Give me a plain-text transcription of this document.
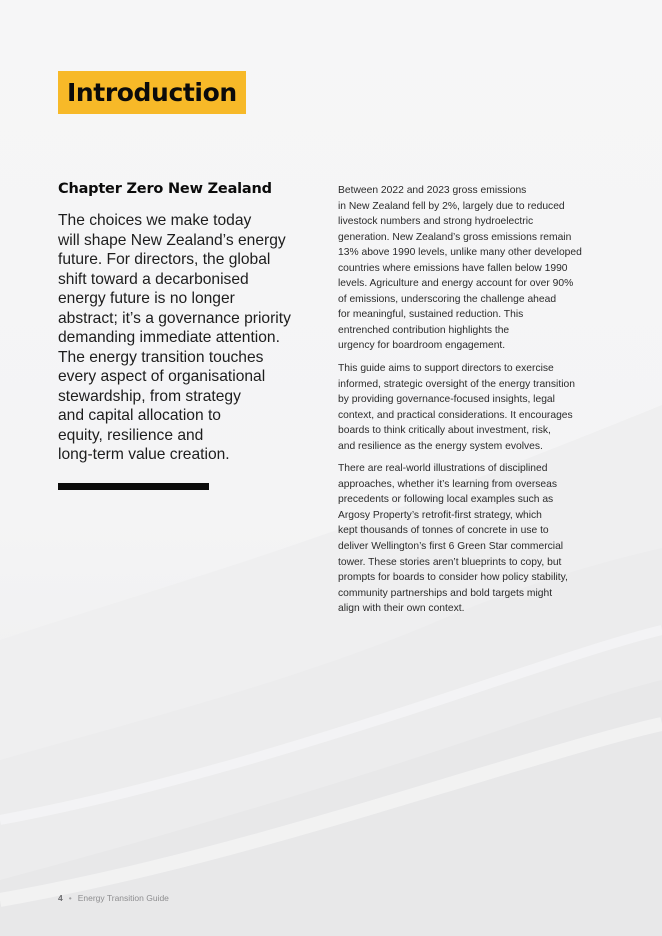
Introduction
Chapter Zero New Zealand

The choices we make today
will shape New Zealand’s energy
future. For directors, the global
shift toward a decarbonised
energy future is no longer
abstract; it’s a governance priority
demanding immediate attention.
The energy transition touches
every aspect of organisational
stewardship, from strategy
and capital allocation to
equity, resilience and
long-term value creation.

Between 2022 and 2023 gross emissions
in New Zealand fell by 2%, largely due to reduced
livestock numbers and strong hydroelectric
generation. New Zealand’s gross emissions remain
13% above 1990 levels, unlike many other developed
countries where emissions have fallen below 1990
levels. Agriculture and energy account for over 90%
of emissions, underscoring the challenge ahead
for meaningful, sustained reduction. This
entrenched contribution highlights the
urgency for boardroom engagement.

This guide aims to support directors to exercise
informed, strategic oversight of the energy transition
by providing governance-focused insights, legal
context, and practical considerations. It encourages
boards to think critically about investment, risk,
and resilience as the energy system evolves.

There are real-world illustrations of disciplined
approaches, whether it’s learning from overseas
precedents or following local examples such as
Argosy Property’s retrofit-first strategy, which
kept thousands of tonnes of concrete in use to
deliver Wellington’s first 6 Green Star commercial
tower. These stories aren’t blueprints to copy, but
prompts for boards to consider how policy stability,
community partnerships and bold targets might
align with their own context.

4 • Energy Transition Guide
